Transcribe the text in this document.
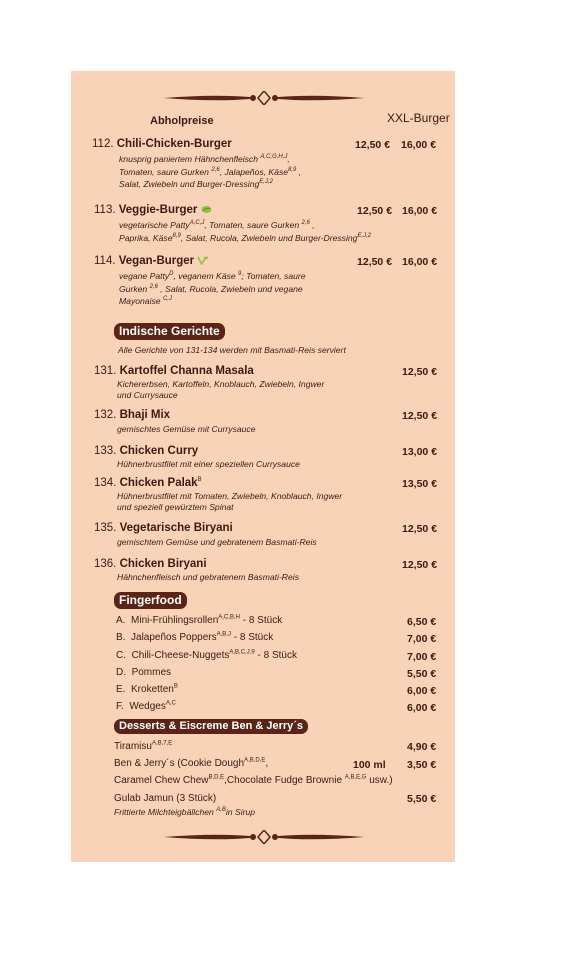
Abholpreise	XXL-Burger
112. Chili-Chicken-Burger
knusprig paniertem Hähnchenfleisch $^{A,C,G,H,J}$,
Tomaten, saure Gurken $^{2,6}$, Jalapeños, Käse$^{8,9}$ ,
Salat, Zwiebeln und Burger-Dressing$^{E,J,2}$
12,50 € 16,00 €
113. Veggie-Burger
vegetarische Patty$^{A,C,J}$, Tomaten, saure Gurken $^{2,6}$ ,
Paprika, Käse$^{8,9}$, Salat, Rucola, Zwiebeln und Burger-Dressing$^{E,J,2}$
12,50 € 16,00 €
114. Vegan-Burger
vegane Patty$^D$, veganem Käse $^9$; Tomaten, saure
Gurken $^{2,6}$ , Salat, Rucola, Zwiebeln und vegane
Mayonaise $^{C,J}$
12,50 € 16,00 €
Indische Gerichte
Alle Gerichte von 131-134 werden mit Basmati-Reis serviert
131. Kartoffel Channa Masala
Kichererbsen, Kartoffeln, Knoblauch, Zwiebeln, Ingwer
und Currysauce
12,50 €
132. Bhaji Mix
gemischtes Gemüse mit Currysauce
12,50 €
133. Chicken Curry
Hühnerbrustfilet mit einer speziellen Currysauce
13,00 €
134. Chicken Palak$^B$
Hühnerbrustfilet mit Tomaten, Zwiebeln, Knoblauch, Ingwer
und speziell gewürztem Spinat
13,50 €
135. Vegetarische Biryani
gemischtem Gemüse und gebratenem Basmati-Reis
12,50 €
136. Chicken Biryani
Hähnchenfleisch und gebratenem Basmati-Reis
12,50 €
Fingerfood
A. Mini-Frühlingsrollen$^{A,C,B,H}$ - 8 Stück	6,50 €
B. Jalapeños Poppers$^{A,B,J}$ - 8 Stück	7,00 €
C. Chili-Cheese-Nuggets$^{A,B,C,J,9}$ - 8 Stück	7,00 €
D. Pommes	5,50 €
E. Kroketten$^B$	6,00 €
F. Wedges$^{A,C}$	6,00 €
Desserts & Eiscreme Ben & Jerry´s
Tiramisu$^{A,B,7,E}$	4,90 €
Ben & Jerry´s (Cookie Dough$^{A,B,D,E}$,	100 ml 3,50 €
Caramel Chew Chew$^{B,D,E}$,Chocolate Fudge Brownie $^{A,B,E,G}$ usw.)
Gulab Jamun (3 Stück)	5,50 €
Frittierte Milchteigbällchen $^{A,B}$in Sirup
